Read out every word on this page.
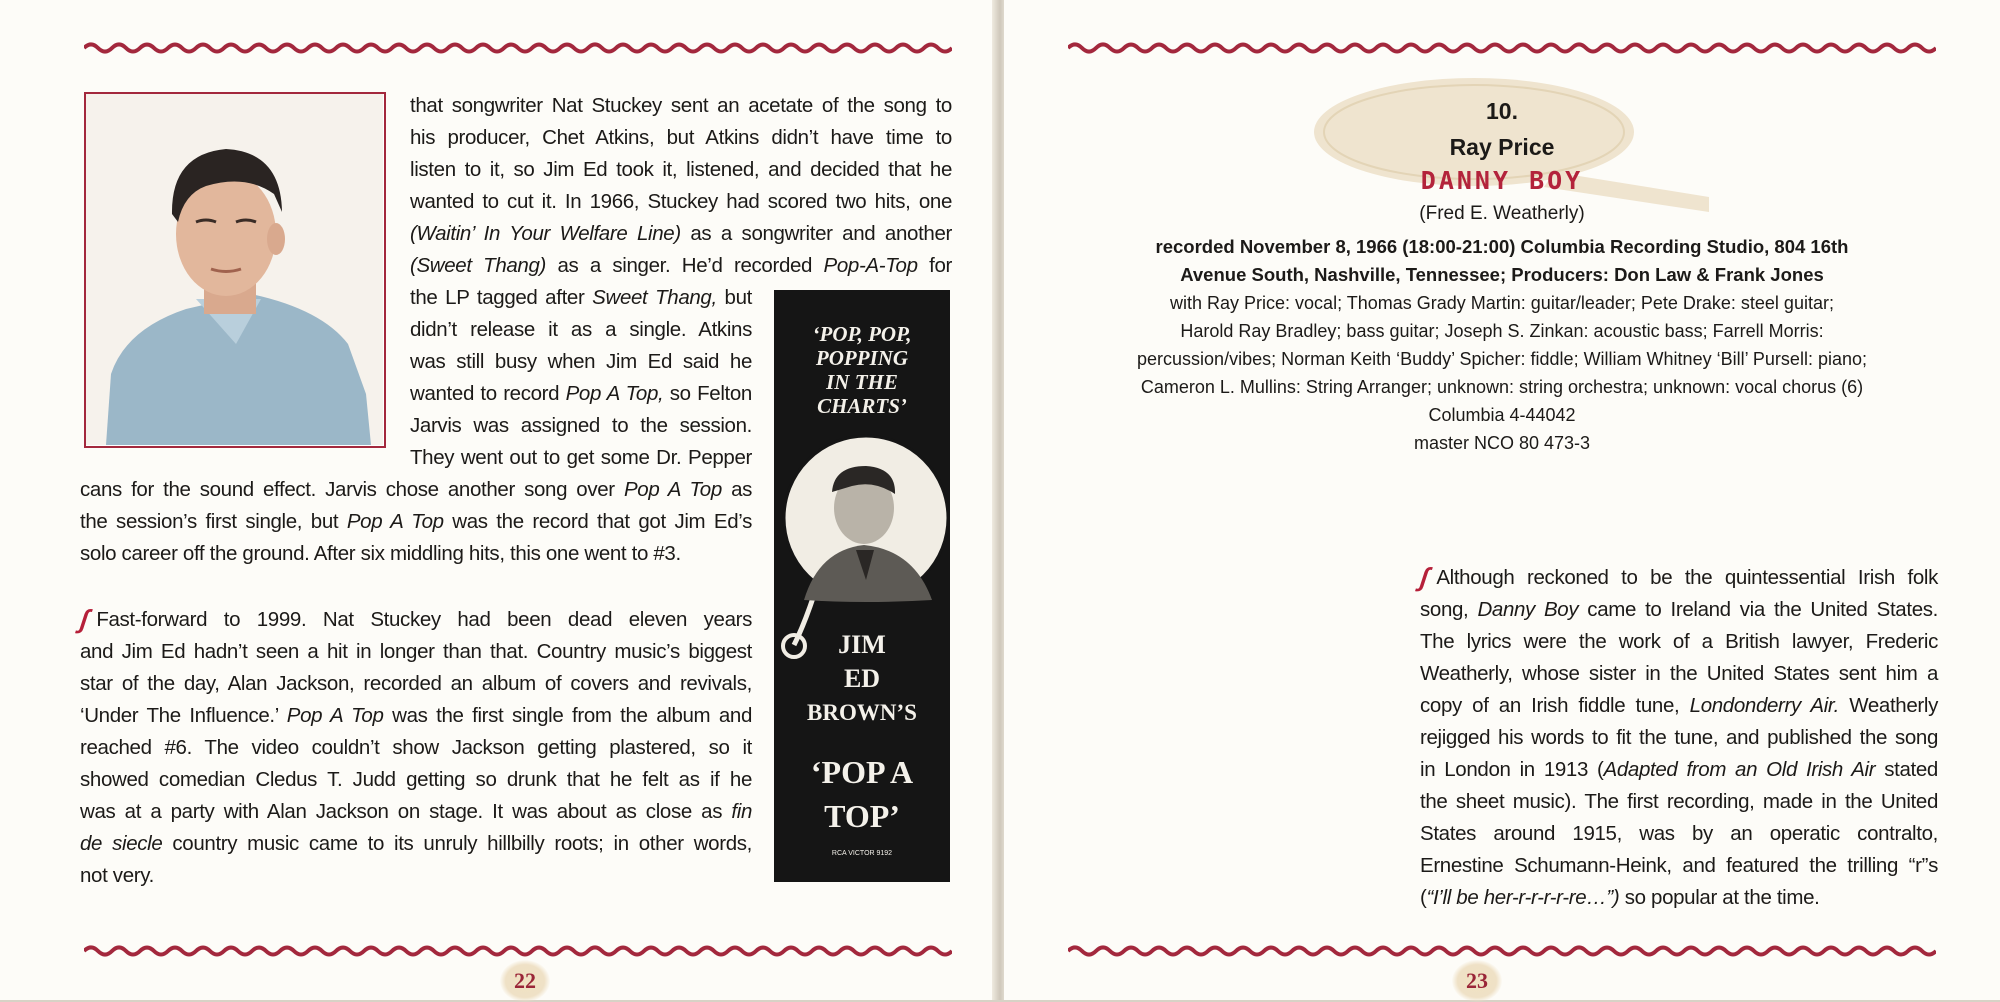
that songwriter Nat Stuckey sent an acetate of the song to
his producer, Chet Atkins, but Atkins didn’t have time to
listen to it, so Jim Ed took it, listened, and decided that he
wanted to cut it. In 1966, Stuckey had scored two hits, one
(Waitin’ In Your Welfare Line) as a songwriter and another
(Sweet Thang) as a singer. He’d recorded Pop-A-Top for

the LP tagged after Sweet Thang, but
didn’t release it as a single. Atkins
was still busy when Jim Ed said he
wanted to record Pop A Top, so Felton
Jarvis was assigned to the session.
They went out to get some Dr. Pepper

cans for the sound effect. Jarvis chose another song over Pop A Top as
the session’s first single, but Pop A Top was the record that got Jim Ed’s
solo career off the ground. After six middling hits, this one went to #3.

ʃ Fast-forward to 1999. Nat Stuckey had been dead eleven years
and Jim Ed hadn’t seen a hit in longer than that. Country music’s biggest
star of the day, Alan Jackson, recorded an album of covers and revivals,
‘Under The Influence.’ Pop A Top was the first single from the album and
reached #6. The video couldn’t show Jackson getting plastered, so it
showed comedian Cledus T. Judd getting so drunk that he felt as if he
was at a party with Alan Jackson on stage. It was about as close as fin
de siecle country music came to its unruly hillbilly roots; in other words,
not very.

‘POP, POP,
POPPING
IN THE
CHARTS’
JIM
ED
BROWN’S
‘POP A
TOP’
RCA VICTOR 9192
22
10.
Ray Price
DANNY BOY
(Fred E. Weatherly)
recorded November 8, 1966 (18:00-21:00) Columbia Recording Studio, 804 16th
Avenue South, Nashville, Tennessee; Producers: Don Law & Frank Jones
with Ray Price: vocal; Thomas Grady Martin: guitar/leader; Pete Drake: steel guitar;
Harold Ray Bradley; bass guitar; Joseph S. Zinkan: acoustic bass; Farrell Morris:
percussion/vibes; Norman Keith ‘Buddy’ Spicher: fiddle; William Whitney ‘Bill’ Pursell: piano;
Cameron L. Mullins: String Arranger; unknown: string orchestra; unknown: vocal chorus (6)
Columbia 4-44042
master NCO 80 473-3

ʃ Although reckoned to be the quintessential Irish folk
song, Danny Boy came to Ireland via the United States.
The lyrics were the work of a British lawyer, Frederic
Weatherly, whose sister in the United States sent him a
copy of an Irish fiddle tune, Londonderry Air. Weatherly
rejigged his words to fit the tune, and published the song
in London in 1913 (Adapted from an Old Irish Air stated
the sheet music). The first recording, made in the United
States around 1915, was by an operatic contralto,
Ernestine Schumann-Heink, and featured the trilling “r”s
(“I’ll be her-r-r-r-r-re…”) so popular at the time.

23
